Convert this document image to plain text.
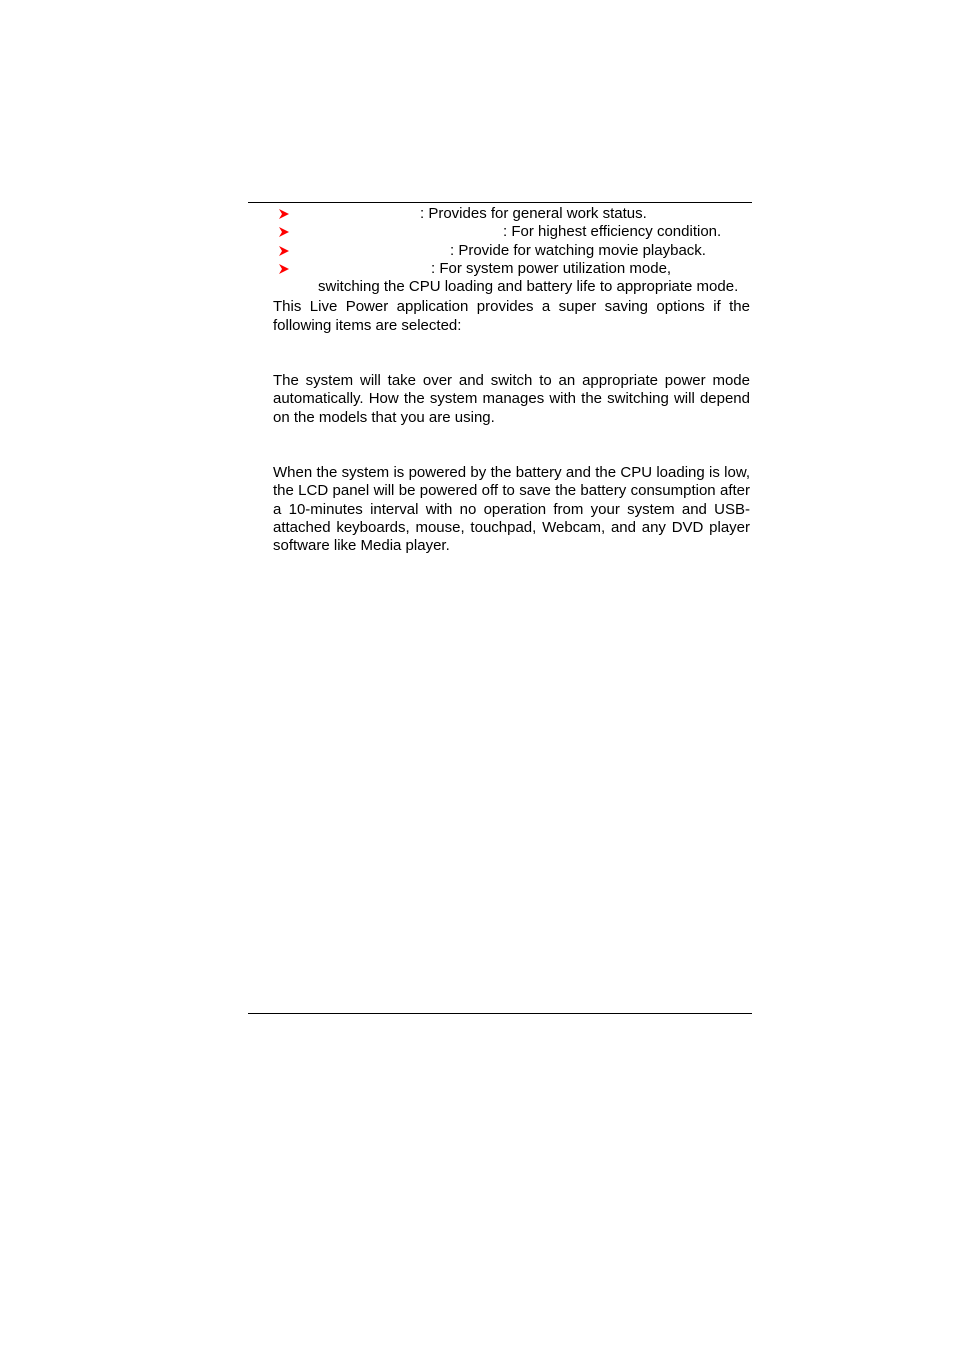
: Provides for general work status.
: For highest efficiency condition.
: Provide for watching movie playback.
: For system power utilization mode,
switching the CPU loading and battery life to appropriate mode.

This Live Power application provides a super saving options if the following items are selected:

The system will take over and switch to an appropriate power mode automatically. How the system manages with the switching will depend on the models that you are using.

When the system is powered by the battery and the CPU loading is low, the LCD panel will be powered off to save the battery consumption after a 10-minutes interval with no operation from your system and USB-attached keyboards, mouse, touchpad, Webcam, and any DVD player software like Media player.
